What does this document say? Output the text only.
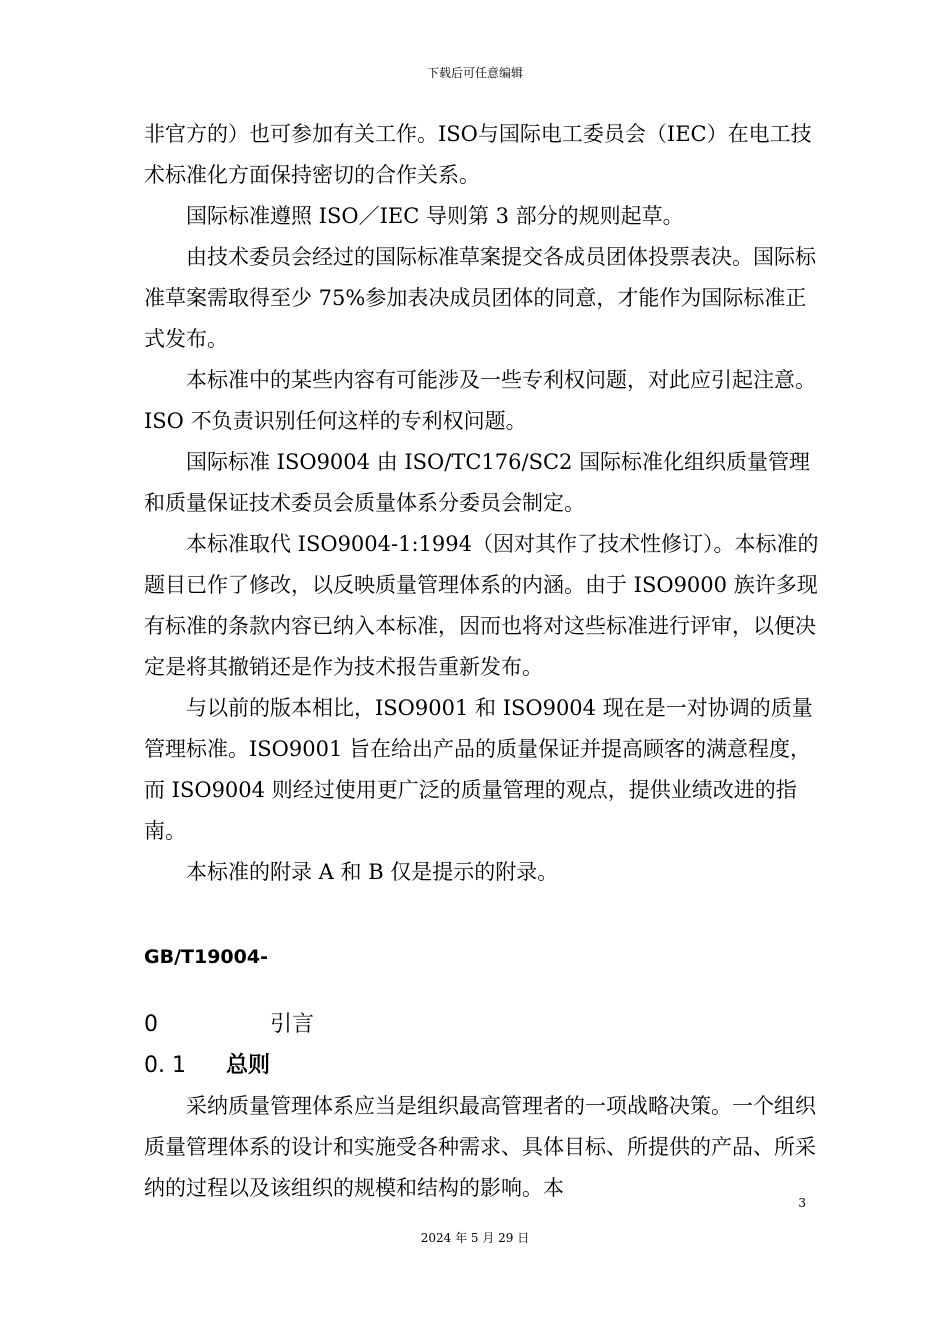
下载后可任意编辑

非官方的）也可参加有关工作。ISO与国际电工委员会（IEC）在电工技术标准化方面保持密切的合作关系。

国际标准遵照 ISO／IEC 导则第 3 部分的规则起草。

由技术委员会经过的国际标准草案提交各成员团体投票表决。国际标准草案需取得至少 75%参加表决成员团体的同意，才能作为国际标准正式发布。

本标准中的某些内容有可能涉及一些专利权问题，对此应引起注意。ISO 不负责识别任何这样的专利权问题。

国际标准 ISO9004 由 ISO/TC176/SC2 国际标准化组织质量管理和质量保证技术委员会质量体系分委员会制定。

本标准取代 ISO9004-1:1994（因对其作了技术性修订）。本标准的题目已作了修改，以反映质量管理体系的内涵。由于 ISO9000 族许多现有标准的条款内容已纳入本标准，因而也将对这些标准进行评审，以便决定是将其撤销还是作为技术报告重新发布。

与以前的版本相比，ISO9001 和 ISO9004 现在是一对协调的质量管理标准。ISO9001 旨在给出产品的质量保证并提高顾客的满意程度，而 ISO9004 则经过使用更广泛的质量管理的观点，提供业绩改进的指南。

本标准的附录 A 和 B 仅是提示的附录。

GB/T19004-

0	引言

0. 1	总则

采纳质量管理体系应当是组织最高管理者的一项战略决策。一个组织质量管理体系的设计和实施受各种需求、具体目标、所提供的产品、所采纳的过程以及该组织的规模和结构的影响。本

3
2024 年 5 月 29 日
